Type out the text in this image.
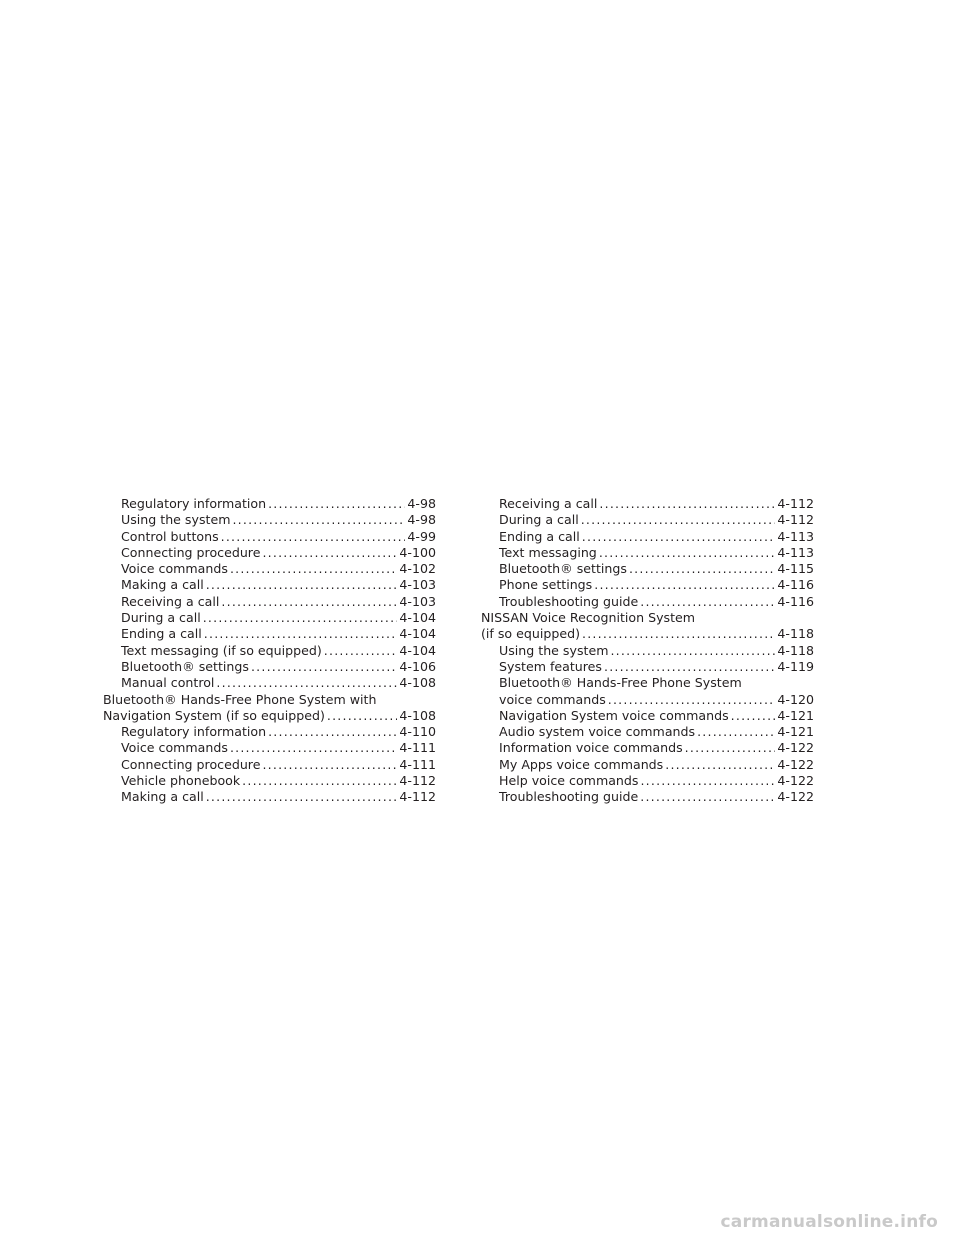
Regulatory information . . .	4-98
Using the system . . .	4-98
Control buttons . . .	4-99
Connecting procedure . . .	4-100
Voice commands . . .	4-102
Making a call . . .	4-103
Receiving a call . . .	4-103
During a call . . .	4-104
Ending a call . . .	4-104
Text messaging (if so equipped) . . .	4-104
Bluetooth® settings . . .	4-106
Manual control . . .	4-108
Bluetooth® Hands-Free Phone System with
Navigation System (if so equipped) . . .	4-108
Regulatory information . . .	4-110
Voice commands . . .	4-111
Connecting procedure . . .	4-111
Vehicle phonebook . . .	4-112
Making a call . . .	4-112
Receiving a call . . .	4-112
During a call . . .	4-112
Ending a call . . .	4-113
Text messaging . . .	4-113
Bluetooth® settings . . .	4-115
Phone settings . . .	4-116
Troubleshooting guide . . .	4-116
NISSAN Voice Recognition System
(if so equipped) . . .	4-118
Using the system . . .	4-118
System features . . .	4-119
Bluetooth® Hands-Free Phone System
voice commands . . .	4-120
Navigation System voice commands . . .	4-121
Audio system voice commands . . .	4-121
Information voice commands . . .	4-122
My Apps voice commands . . .	4-122
Help voice commands . . .	4-122
Troubleshooting guide . . .	4-122
carmanualsonline.info
